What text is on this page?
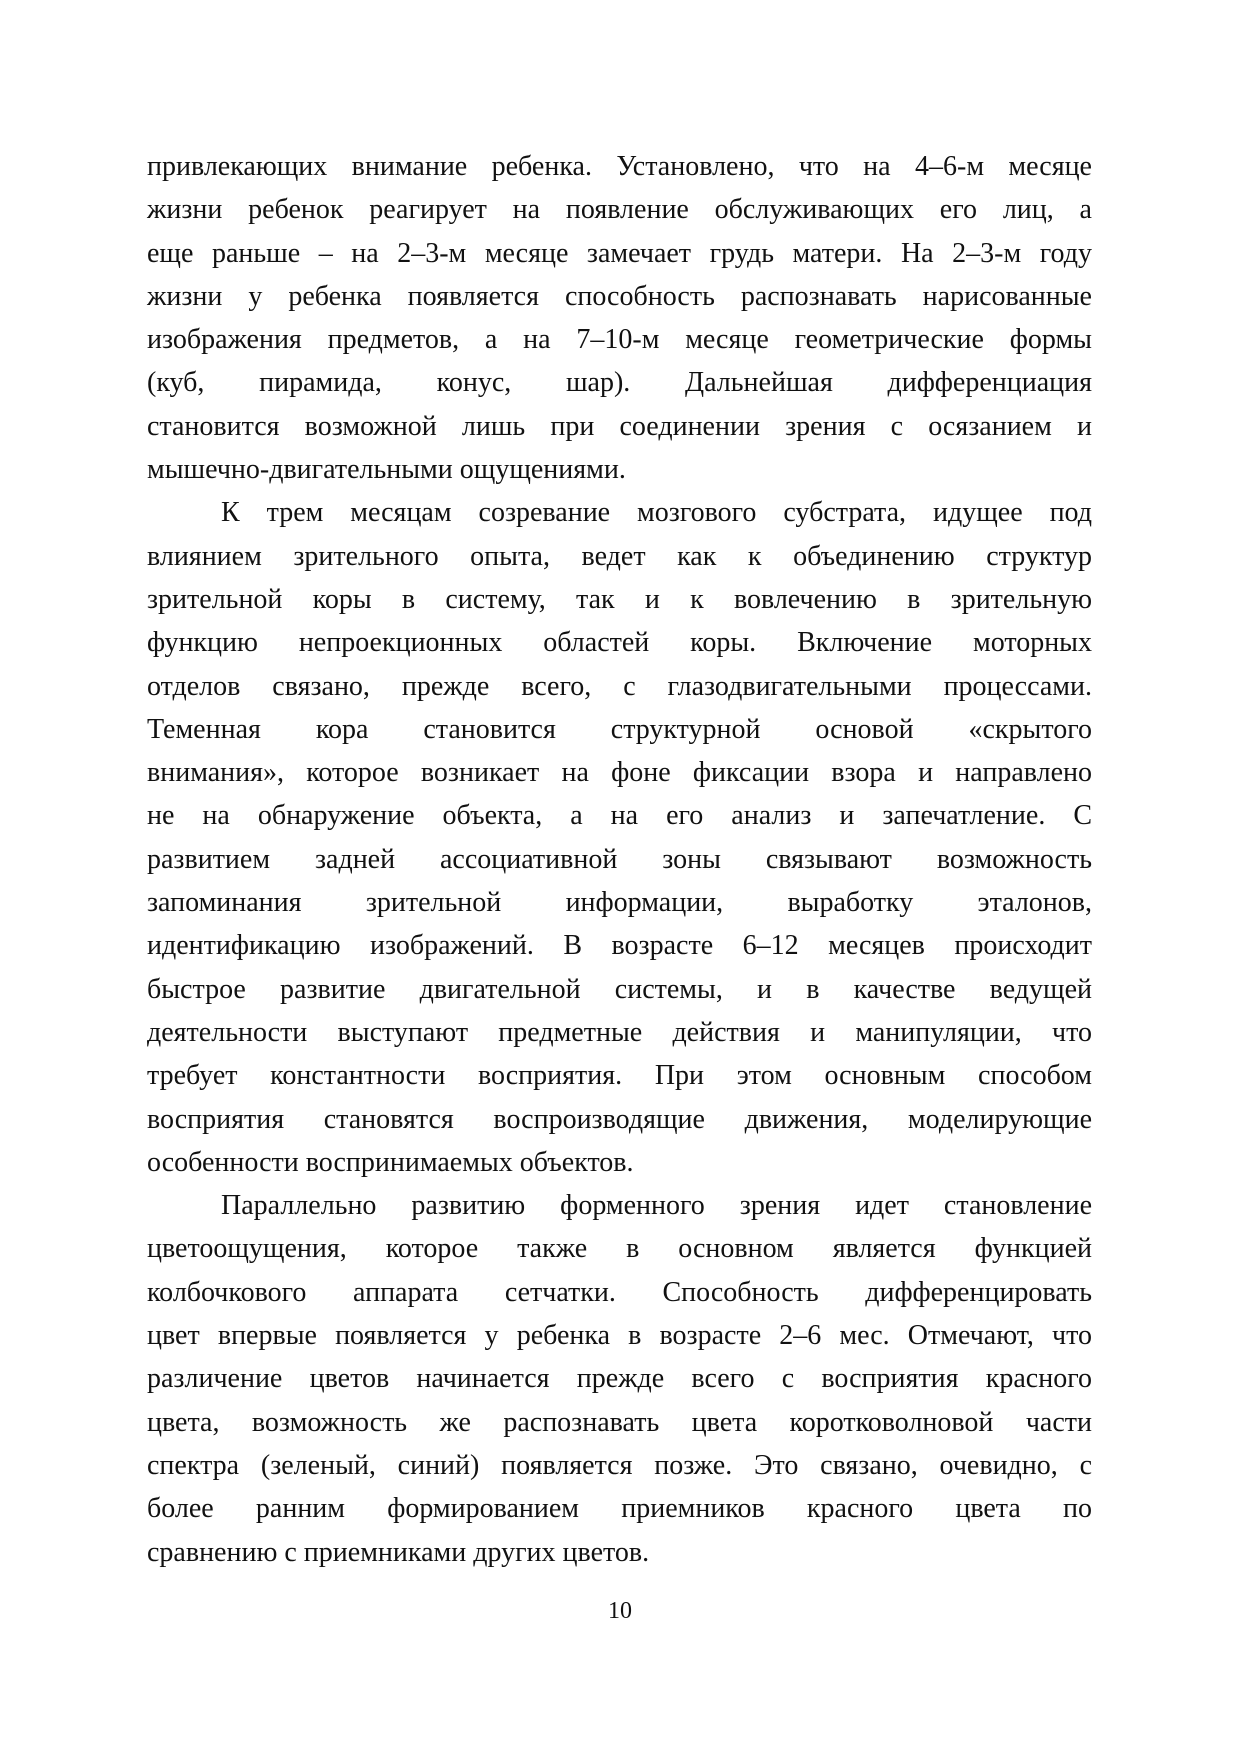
привлекающих внимание ребенка. Установлено, что на 4–6-м месяце
жизни ребенок реагирует на появление обслуживающих его лиц, а
еще раньше – на 2–3-м месяце замечает грудь матери. На 2–3-м году
жизни у ребенка появляется способность распознавать нарисованные
изображения предметов, а на 7–10-м месяце геометрические формы
(куб, пирамида, конус, шар). Дальнейшая дифференциация
становится возможной лишь при соединении зрения с осязанием и
мышечно-двигательными ощущениями.
К трем месяцам созревание мозгового субстрата, идущее под
влиянием зрительного опыта, ведет как к объединению структур
зрительной коры в систему, так и к вовлечению в зрительную
функцию непроекционных областей коры. Включение моторных
отделов связано, прежде всего, с глазодвигательными процессами.
Теменная кора становится структурной основой «скрытого
внимания», которое возникает на фоне фиксации взора и направлено
не на обнаружение объекта, а на его анализ и запечатление. С
развитием задней ассоциативной зоны связывают возможность
запоминания зрительной информации, выработку эталонов,
идентификацию изображений. В возрасте 6–12 месяцев происходит
быстрое развитие двигательной системы, и в качестве ведущей
деятельности выступают предметные действия и манипуляции, что
требует константности восприятия. При этом основным способом
восприятия становятся воспроизводящие движения, моделирующие
особенности воспринимаемых объектов.
Параллельно развитию форменного зрения идет становление
цветоощущения, которое также в основном является функцией
колбочкового аппарата сетчатки. Способность дифференцировать
цвет впервые появляется у ребенка в возрасте 2–6 мес. Отмечают, что
различение цветов начинается прежде всего с восприятия красного
цвета, возможность же распознавать цвета коротковолновой части
спектра (зеленый, синий) появляется позже. Это связано, очевидно, с
более ранним формированием приемников красного цвета по
сравнению с приемниками других цветов.
10
